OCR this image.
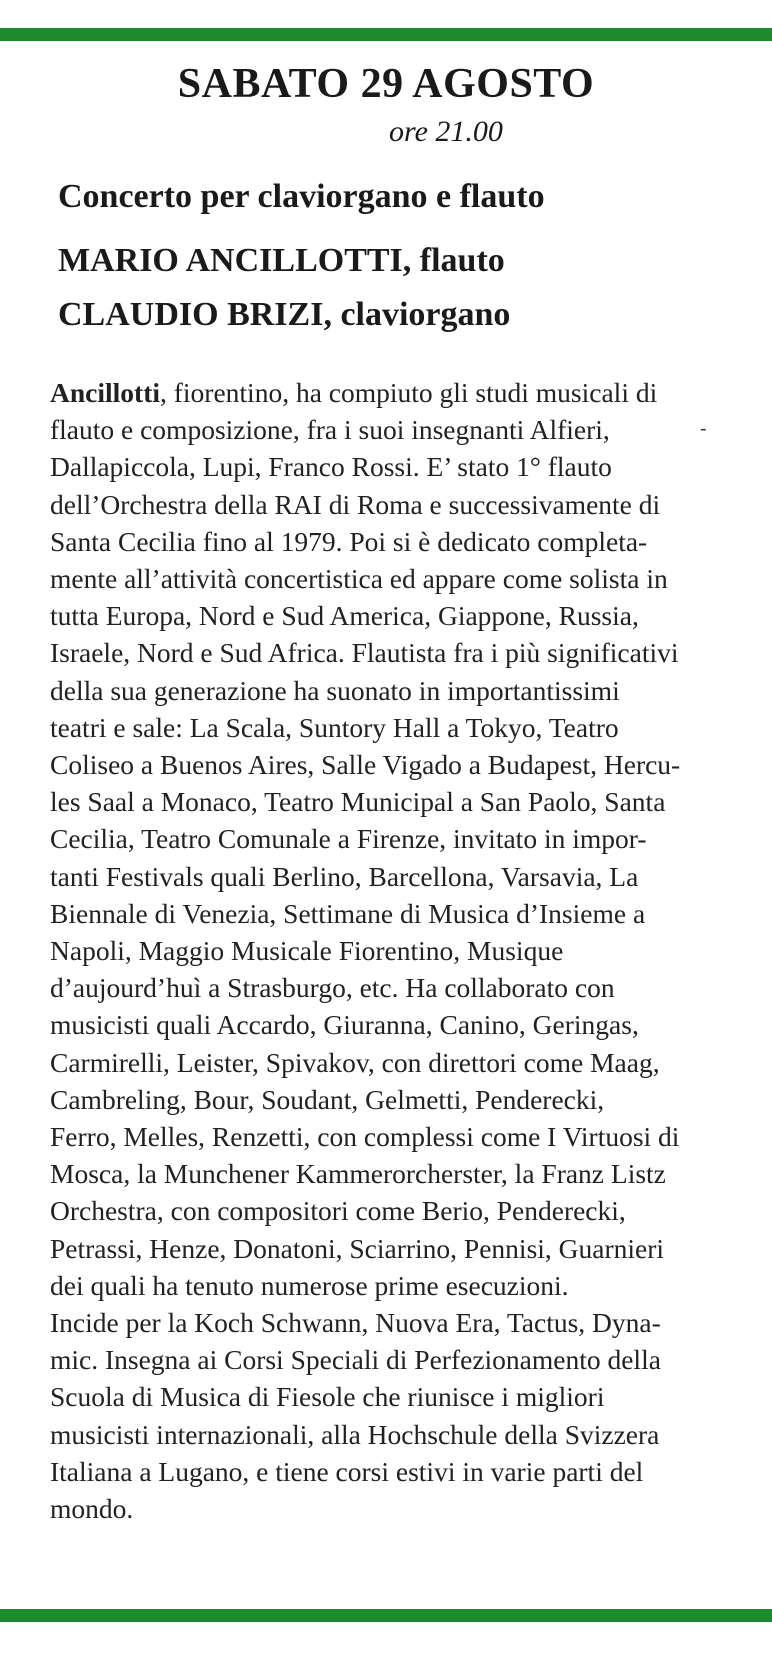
SABATO 29 AGOSTO
ore 21.00
Concerto per claviorgano e flauto
MARIO ANCILLOTTI, flauto
CLAUDIO BRIZI, claviorgano
-
Ancillotti, fiorentino, ha compiuto gli studi musicali di
flauto e composizione, fra i suoi insegnanti Alfieri,
Dallapiccola, Lupi, Franco Rossi. E’ stato 1° flauto
dell’Orchestra della RAI di Roma e successivamente di
Santa Cecilia fino al 1979. Poi si è dedicato completa-
mente all’attività concertistica ed appare come solista in
tutta Europa, Nord e Sud America, Giappone, Russia,
Israele, Nord e Sud Africa. Flautista fra i più significativi
della sua generazione ha suonato in importantissimi
teatri e sale: La Scala, Suntory Hall a Tokyo, Teatro
Coliseo a Buenos Aires, Salle Vigado a Budapest, Hercu-
les Saal a Monaco, Teatro Municipal a San Paolo, Santa
Cecilia, Teatro Comunale a Firenze, invitato in impor-
tanti Festivals quali Berlino, Barcellona, Varsavia, La
Biennale di Venezia, Settimane di Musica d’Insieme a
Napoli, Maggio Musicale Fiorentino, Musique
d’aujourd’huì a Strasburgo, etc. Ha collaborato con
musicisti quali Accardo, Giuranna, Canino, Geringas,
Carmirelli, Leister, Spivakov, con direttori come Maag,
Cambreling, Bour, Soudant, Gelmetti, Penderecki,
Ferro, Melles, Renzetti, con complessi come I Virtuosi di
Mosca, la Munchener Kammerorcherster, la Franz Listz
Orchestra, con compositori come Berio, Penderecki,
Petrassi, Henze, Donatoni, Sciarrino, Pennisi, Guarnieri
dei quali ha tenuto numerose prime esecuzioni.
Incide per la Koch Schwann, Nuova Era, Tactus, Dyna-
mic. Insegna ai Corsi Speciali di Perfezionamento della
Scuola di Musica di Fiesole che riunisce i migliori
musicisti internazionali, alla Hochschule della Svizzera
Italiana a Lugano, e tiene corsi estivi in varie parti del
mondo.
